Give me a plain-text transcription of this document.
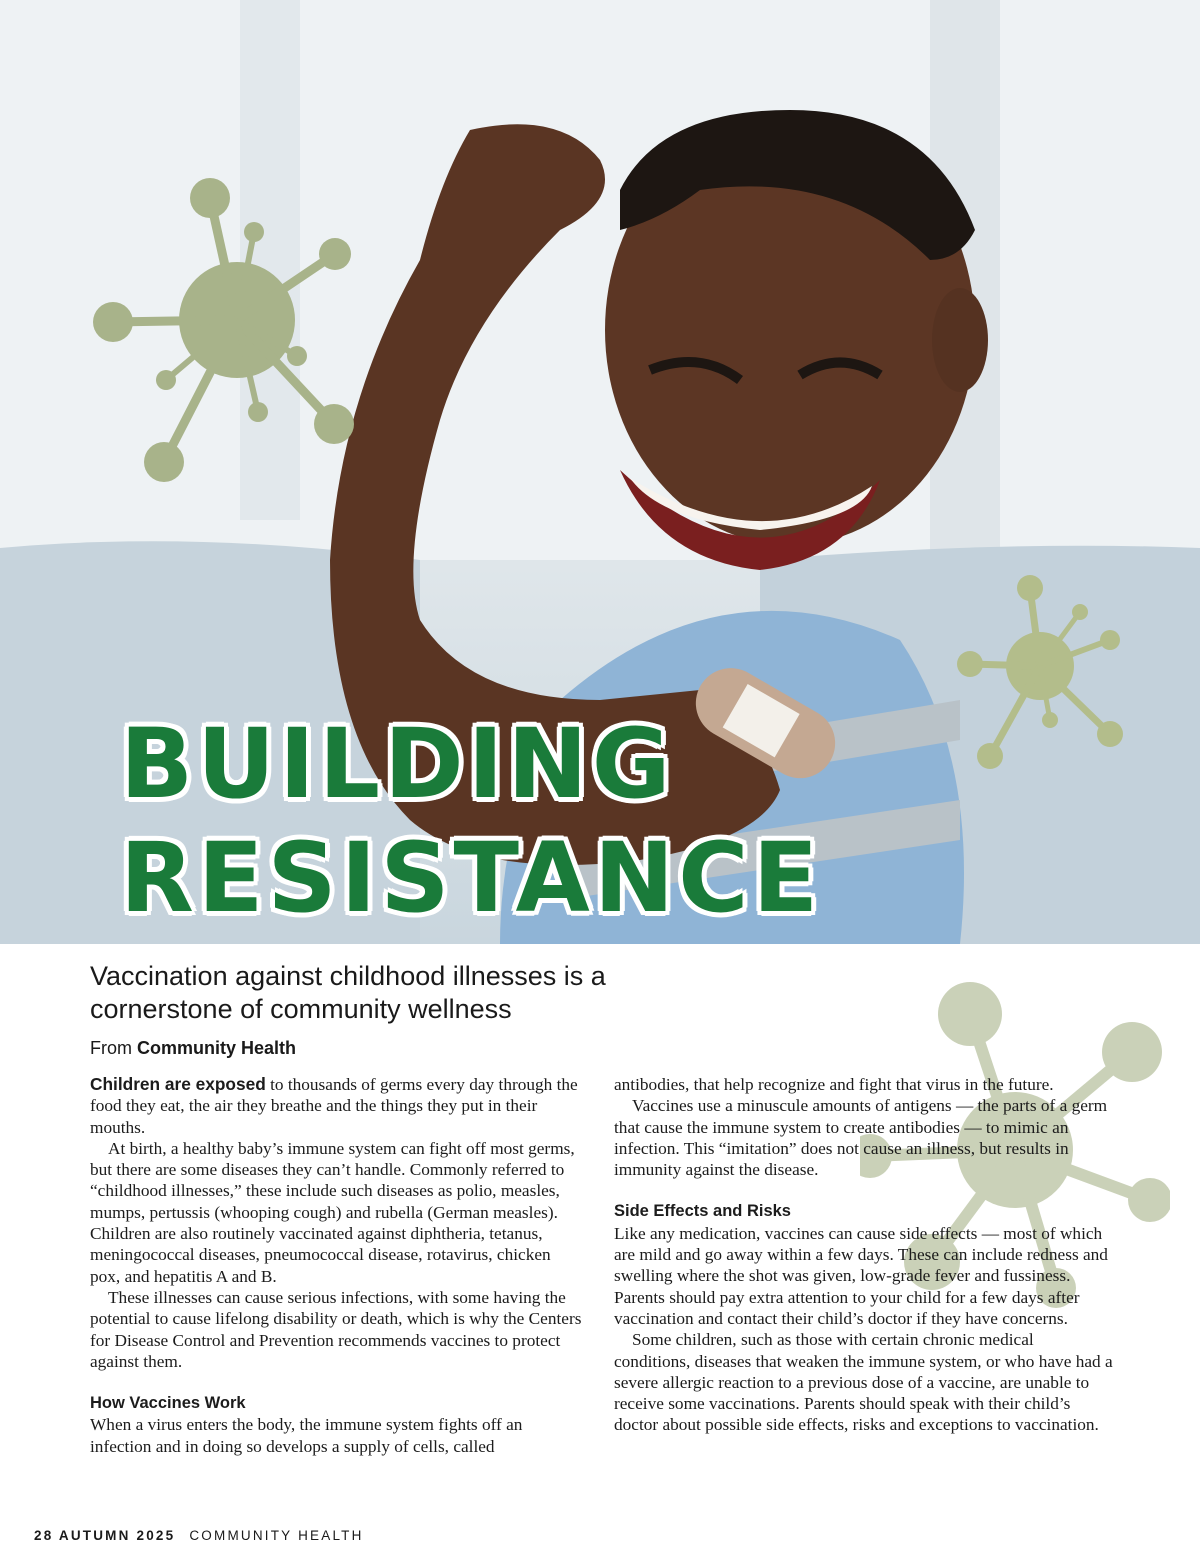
BUILDING
RESISTANCE
Vaccination against childhood illnesses is a cornerstone of community wellness
From Community Health

Children are exposed to thousands of germs every day through the food they eat, the air they breathe and the things they put in their mouths.

At birth, a healthy baby’s immune system can fight off most germs, but there are some diseases they can’t handle. Commonly referred to “childhood illnesses,” these include such diseases as polio, measles, mumps, pertussis (whooping cough) and rubella (German measles). Children are also routinely vaccinated against diphtheria, tetanus, meningococcal diseases, pneumococcal disease, rotavirus, chicken pox, and hepatitis A and B.

These illnesses can cause serious infections, with some having the potential to cause lifelong disability or death, which is why the Centers for Disease Control and Prevention recommends vaccines to protect against them.

How Vaccines Work

When a virus enters the body, the immune system fights off an infection and in doing so develops a supply of cells, called

antibodies, that help recognize and fight that virus in the future.

Vaccines use a minuscule amounts of antigens — the parts of a germ that cause the immune system to create antibodies — to mimic an infection. This “imitation” does not cause an illness, but results in immunity against the disease.

Side Effects and Risks

Like any medication, vaccines can cause side effects — most of which are mild and go away within a few days. These can include redness and swelling where the shot was given, low-grade fever and fussiness. Parents should pay extra attention to your child for a few days after vaccination and contact their child’s doctor if they have concerns.

Some children, such as those with certain chronic medical conditions, diseases that weaken the immune system, or who have had a severe allergic reaction to a previous dose of a vaccine, are unable to receive some vaccinations. Parents should speak with their child’s doctor about possible side effects, risks and exceptions to vaccination.

28 AUTUMN 2025 COMMUNITY HEALTH
